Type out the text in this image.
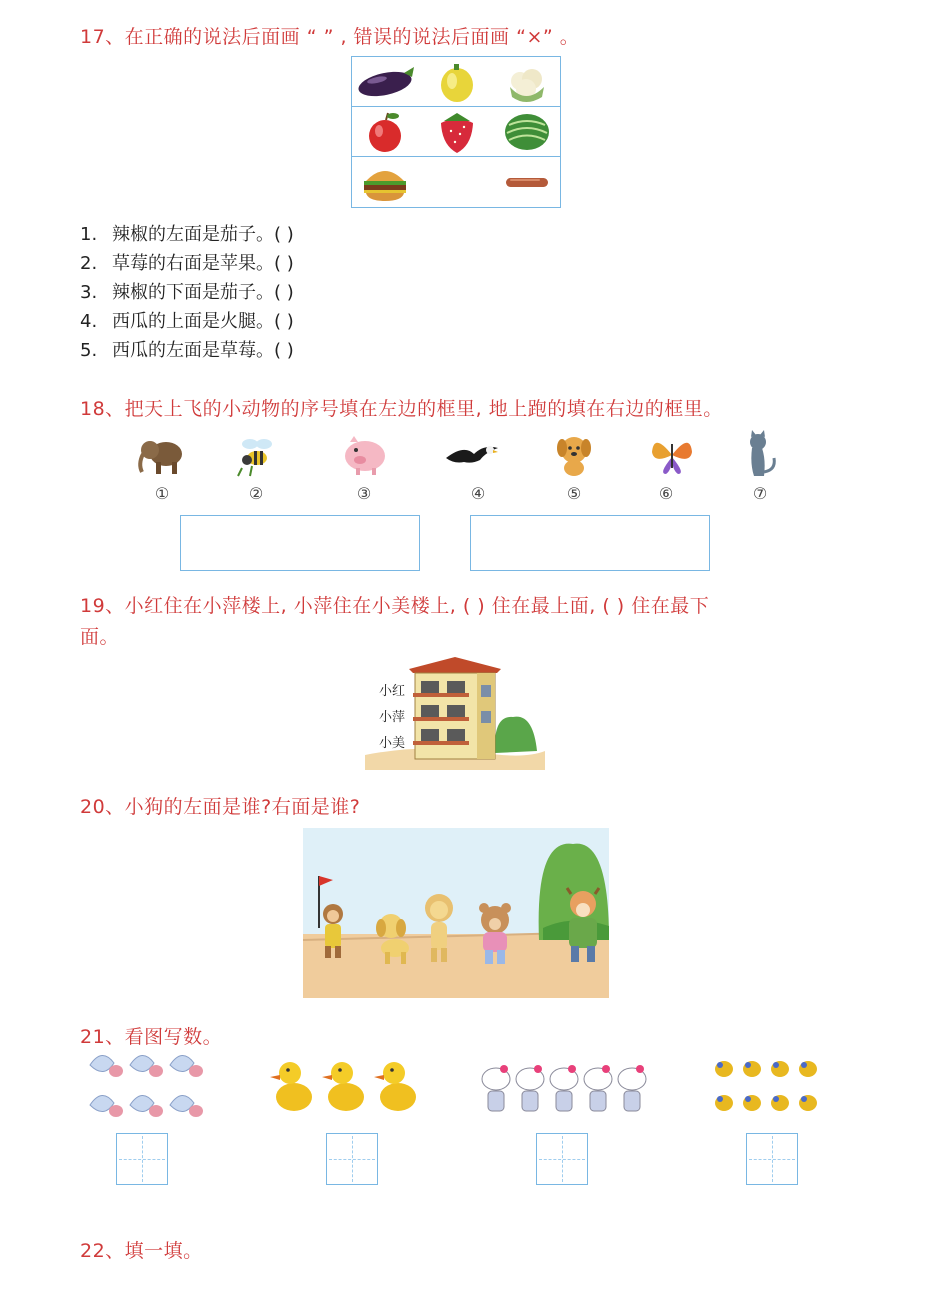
17、在正确的说法后面画 “ ” , 错误的说法后面画 “×” 。
1. 辣椒的左面是茄子。( )
2. 草莓的右面是苹果。( )
3. 辣椒的下面是茄子。( )
4. 西瓜的上面是火腿。( )
5. 西瓜的左面是草莓。( )
18、把天上飞的小动物的序号填在左边的框里, 地上跑的填在右边的框里。
①	②	③	④	⑤	⑥	⑦
19、小红住在小萍楼上, 小萍住在小美楼上, ( ) 住在最上面, ( ) 住在最下
面。
小红
小萍
小美
20、小狗的左面是谁?右面是谁?
21、看图写数。
22、填一填。
